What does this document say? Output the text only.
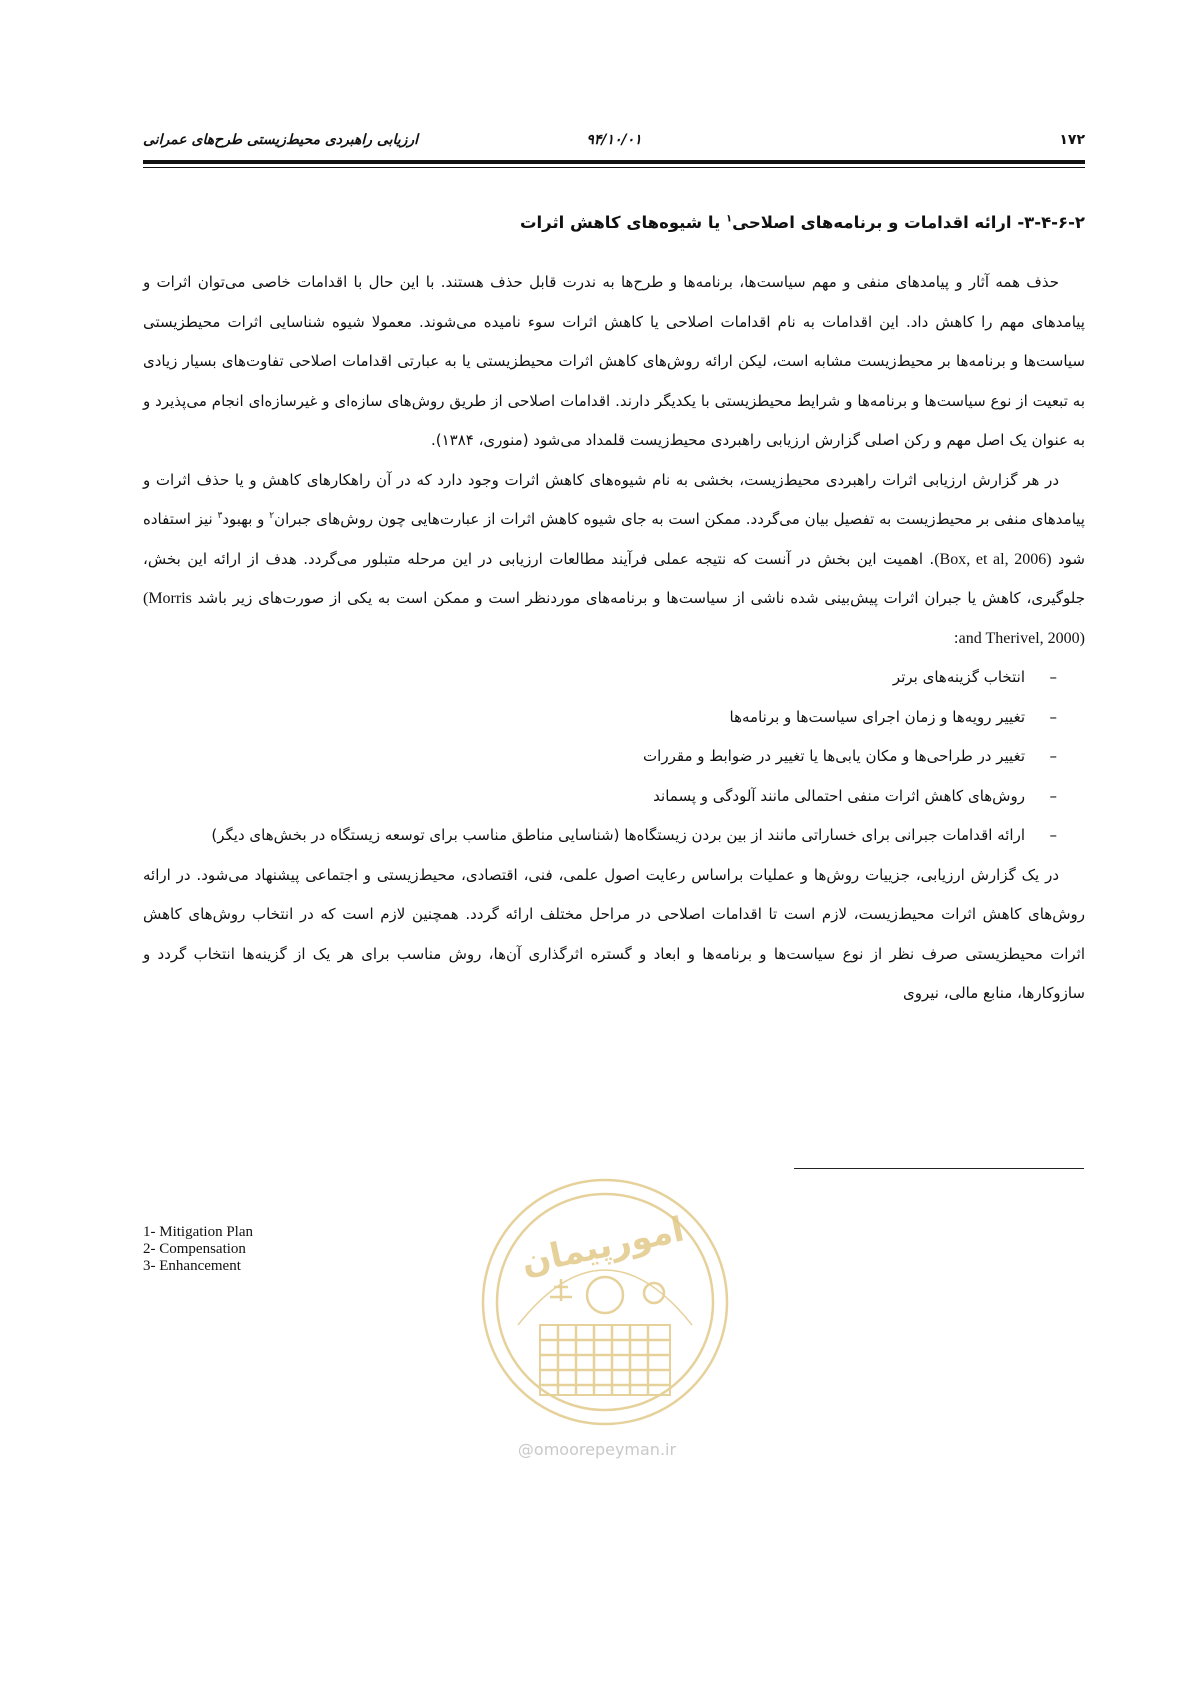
۱۷۲
۹۴/۱۰/۰۱
ارزیابی راهبردی محیط‌زیستی طرح‌های عمرانی
۳-۴-۶-۲- ارائه اقدامات و برنامه‌های اصلاحی$^۱$ یا شیوه‌های کاهش اثرات

حذف همه آثار و پیامدهای منفی و مهم سیاست‌ها، برنامه‌ها و طرح‌ها به ندرت قابل حذف هستند. با این حال با اقدامات خاصی می‌توان اثرات و پیامدهای مهم را کاهش داد. این اقدامات به نام اقدامات اصلاحی یا کاهش اثرات سوء نامیده می‌شوند. معمولا شیوه شناسایی اثرات محیطزیستی سیاست‌ها و برنامه‌ها بر محیط‌زیست مشابه است، لیکن ارائه روش‌های کاهش اثرات محیطزیستی یا به عبارتی اقدامات اصلاحی تفاوت‌های بسیار زیادی به تبعیت از نوع سیاست‌ها و برنامه‌ها و شرایط محیطزیستی با یکدیگر دارند. اقدامات اصلاحی از طریق روش‌های سازه‌ای و غیرسازه‌ای انجام می‌پذیرد و به عنوان یک اصل مهم و رکن اصلی گزارش ارزیابی راهبردی محیط‌زیست قلمداد می‌شود (منوری، ۱۳۸۴).

در هر گزارش ارزیابی اثرات راهبردی محیط‌زیست، بخشی به نام شیوه‌های کاهش اثرات وجود دارد که در آن راهکارهای کاهش و یا حذف اثرات و پیامدهای منفی بر محیط‌زیست به تفصیل بیان می‌گردد. ممکن است به جای شیوه کاهش اثرات از عبارت‌هایی چون روش‌های جبران$^۲$ و بهبود$^۳$ نیز استفاده شود (Box, et al, 2006). اهمیت این بخش در آنست که نتیجه عملی فرآیند مطالعات ارزیابی در این مرحله متبلور می‌گردد. هدف از ارائه این بخش، جلوگیری، کاهش یا جبران اثرات پیش‌بینی شده ناشی از سیاست‌ها و برنامه‌های موردنظر است و ممکن است به یکی از صورت‌های زیر باشد (Morris and Therivel, 2000):

–
انتخاب گزینه‌های برتر
–
تغییر رویه‌ها و زمان اجرای سیاست‌ها و برنامه‌ها
–
تغییر در طراحی‌ها و مکان یابی‌ها یا تغییر در ضوابط و مقررات
–
روش‌های کاهش اثرات منفی احتمالی مانند آلودگی و پسماند
–
ارائه اقدامات جبرانی برای خساراتی مانند از بین بردن زیستگاه‌ها (شناسایی مناطق مناسب برای توسعه زیستگاه در بخش‌های دیگر)

در یک گزارش ارزیابی، جزییات روش‌ها و عملیات براساس رعایت اصول علمی، فنی، اقتصادی، محیط‌زیستی و اجتماعی پیشنهاد می‌شود. در ارائه روش‌های کاهش اثرات محیط‌زیست، لازم است تا اقدامات اصلاحی در مراحل مختلف ارائه گردد. همچنین لازم است که در انتخاب روش‌های کاهش اثرات محیطزیستی صرف نظر از نوع سیاست‌ها و برنامه‌ها و ابعاد و گستره اثرگذاری آن‌ها، روش مناسب برای هر یک از گزینه‌ها انتخاب گردد و سازوکارها، منابع مالی، نیروی

1- Mitigation Plan
2- Compensation
3- Enhancement	امورپیمان
@omoorepeyman.ir
